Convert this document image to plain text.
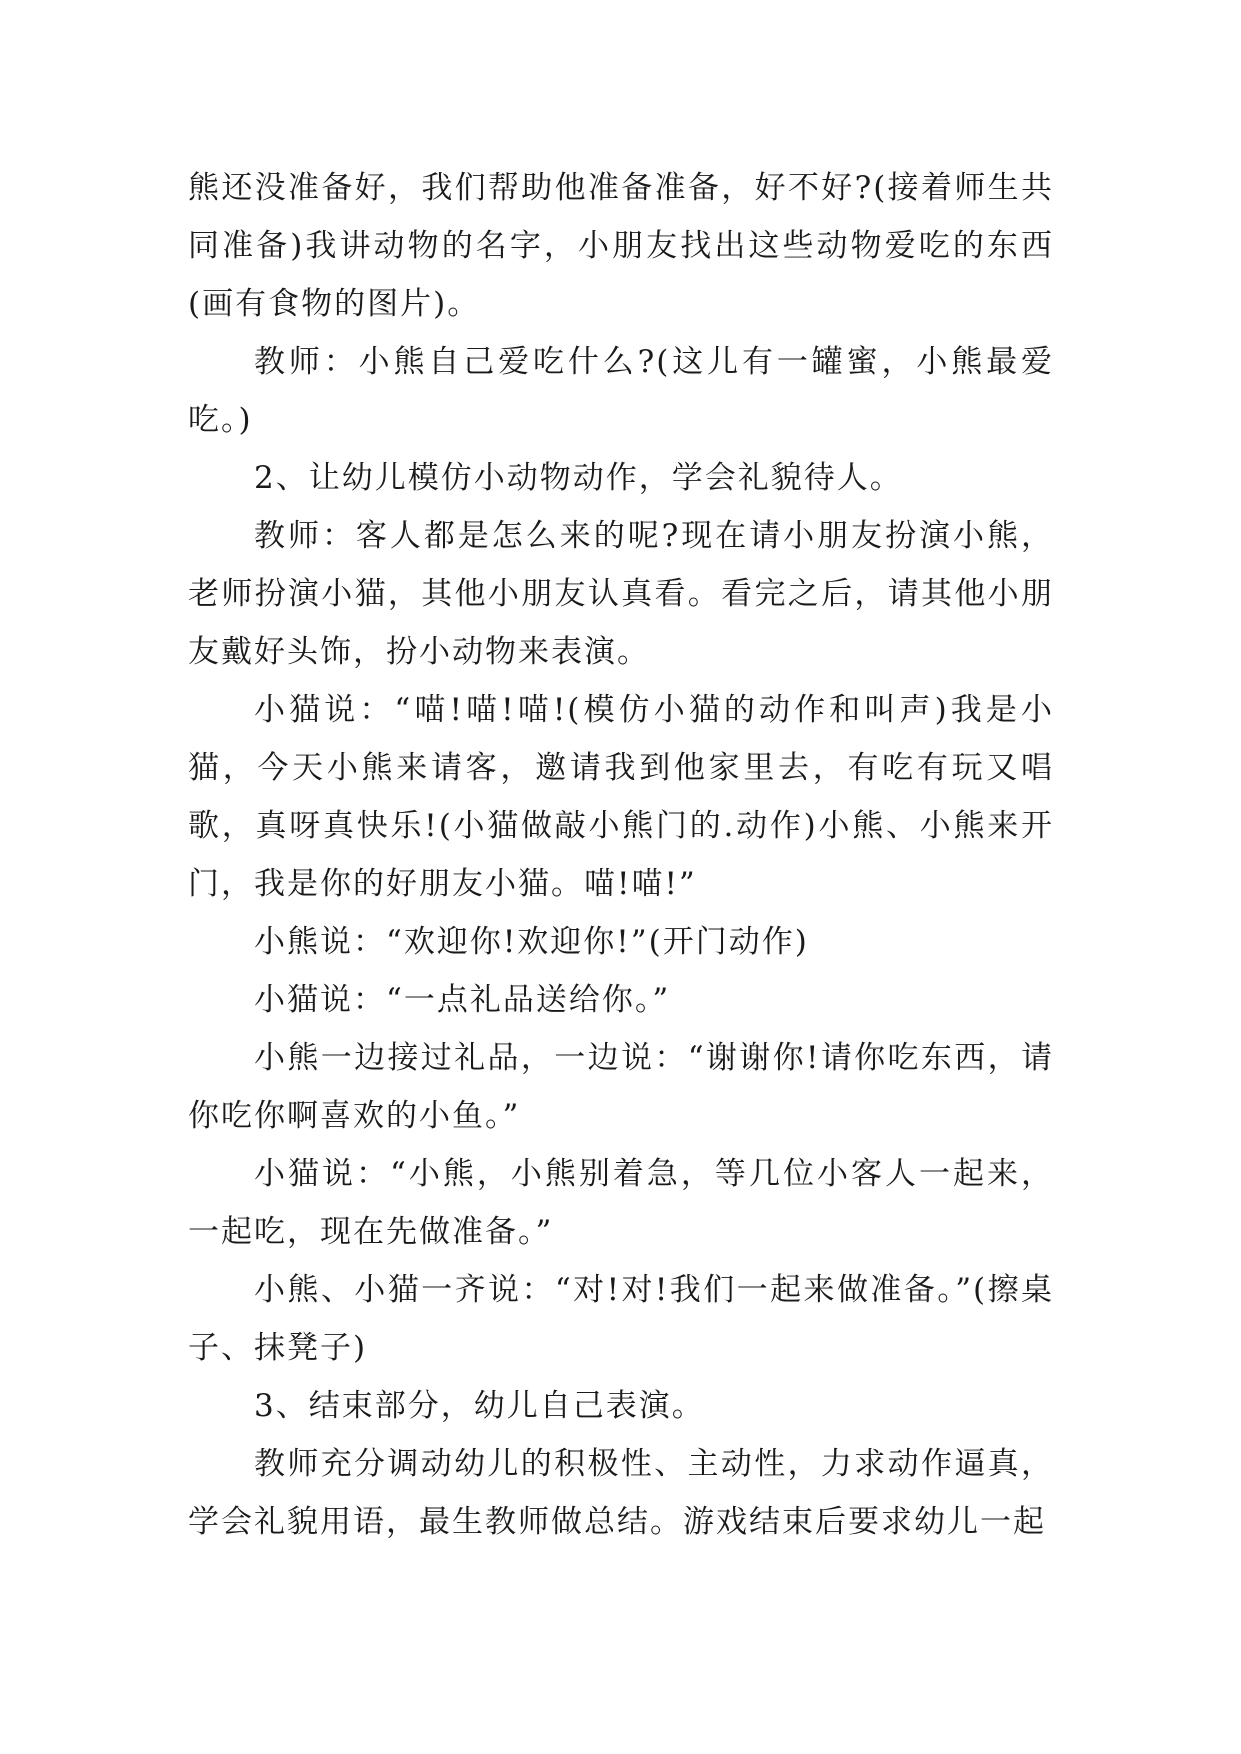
熊还没准备好，我们帮助他准备准备，好不好?(接着师生共同准备)我讲动物的名字，小朋友找出这些动物爱吃的东西(画有食物的图片)。

教师：小熊自己爱吃什么?(这儿有一罐蜜，小熊最爱吃。)

2、让幼儿模仿小动物动作，学会礼貌待人。

教师：客人都是怎么来的呢?现在请小朋友扮演小熊，老师扮演小猫，其他小朋友认真看。看完之后，请其他小朋友戴好头饰，扮小动物来表演。

小猫说：“喵!喵!喵!(模仿小猫的动作和叫声)我是小猫，今天小熊来请客，邀请我到他家里去，有吃有玩又唱歌，真呀真快乐!(小猫做敲小熊门的.动作)小熊、小熊来开门，我是你的好朋友小猫。喵!喵!”

小熊说：“欢迎你!欢迎你!”(开门动作)

小猫说：“一点礼品送给你。”

小熊一边接过礼品，一边说：“谢谢你!请你吃东西，请你吃你啊喜欢的小鱼。”

小猫说：“小熊，小熊别着急，等几位小客人一起来，一起吃，现在先做准备。”

小熊、小猫一齐说：“对!对!我们一起来做准备。”(擦桌子、抹凳子)

3、结束部分，幼儿自己表演。

教师充分调动幼儿的积极性、主动性，力求动作逼真，学会礼貌用语，最生教师做总结。游戏结束后要求幼儿一起
